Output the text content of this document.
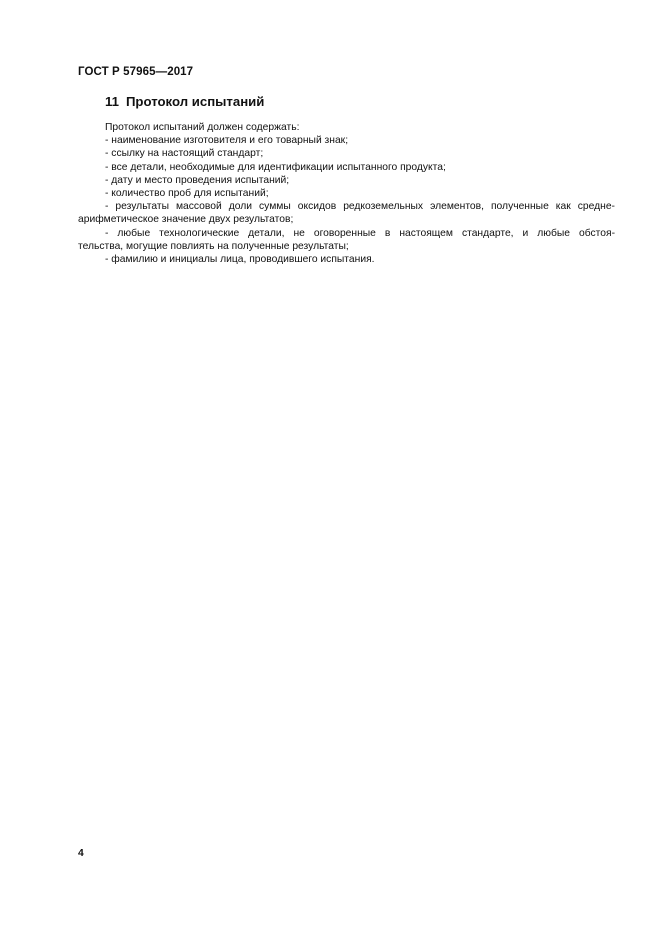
ГОСТ Р 57965—2017
11 Протокол испытаний
Протокол испытаний должен содержать:
- наименование изготовителя и его товарный знак;
- ссылку на настоящий стандарт;
- все детали, необходимые для идентификации испытанного продукта;
- дату и место проведения испытаний;
- количество проб для испытаний;
- результаты массовой доли суммы оксидов редкоземельных элементов, полученные как средне-
арифметическое значение двух результатов;
- любые технологические детали, не оговоренные в настоящем стандарте, и любые обстоя-
тельства, могущие повлиять на полученные результаты;
- фамилию и инициалы лица, проводившего испытания.
4
